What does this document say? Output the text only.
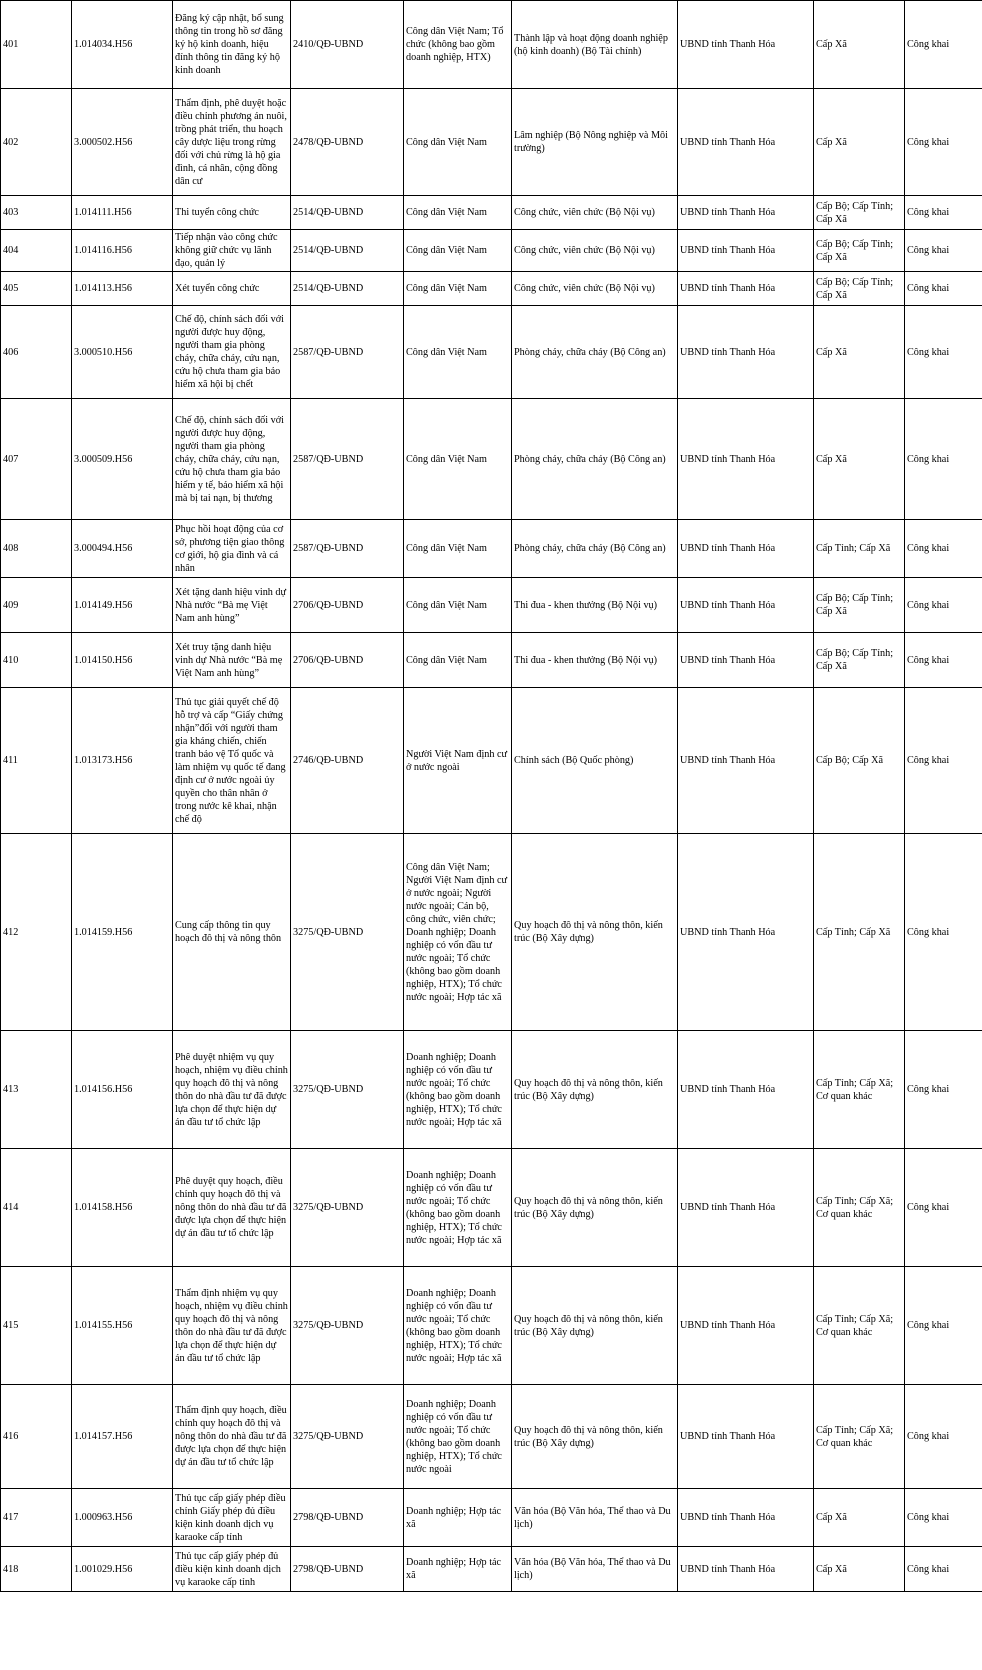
401	1.014034.H56	Đăng ký cập nhật, bổ sung thông tin trong hồ sơ đăng ký hộ kinh doanh, hiệu đính thông tin đăng ký hộ kinh doanh	2410/QĐ-UBND	Công dân Việt Nam; Tổ chức (không bao gồm doanh nghiệp, HTX)	Thành lập và hoạt động doanh nghiệp (hộ kinh doanh) (Bộ Tài chính)	UBND tỉnh Thanh Hóa	Cấp Xã	Công khai
402	3.000502.H56	Thẩm định, phê duyệt hoặc điều chỉnh phương án nuôi, trồng phát triển, thu hoạch cây dược liệu trong rừng đối với chủ rừng là hộ gia đình, cá nhân, cộng đồng dân cư	2478/QĐ-UBND	Công dân Việt Nam	Lâm nghiệp (Bộ Nông nghiệp và Môi trường)	UBND tỉnh Thanh Hóa	Cấp Xã	Công khai
403	1.014111.H56	Thi tuyển công chức	2514/QĐ-UBND	Công dân Việt Nam	Công chức, viên chức (Bộ Nội vụ)	UBND tỉnh Thanh Hóa	Cấp Bộ; Cấp Tỉnh; Cấp Xã	Công khai
404	1.014116.H56	Tiếp nhận vào công chức không giữ chức vụ lãnh đạo, quản lý	2514/QĐ-UBND	Công dân Việt Nam	Công chức, viên chức (Bộ Nội vụ)	UBND tỉnh Thanh Hóa	Cấp Bộ; Cấp Tỉnh; Cấp Xã	Công khai
405	1.014113.H56	Xét tuyển công chức	2514/QĐ-UBND	Công dân Việt Nam	Công chức, viên chức (Bộ Nội vụ)	UBND tỉnh Thanh Hóa	Cấp Bộ; Cấp Tỉnh; Cấp Xã	Công khai
406	3.000510.H56	Chế độ, chính sách đối với người được huy động, người tham gia phòng cháy, chữa cháy, cứu nạn, cứu hộ chưa tham gia bảo hiểm xã hội bị chết	2587/QĐ-UBND	Công dân Việt Nam	Phòng cháy, chữa cháy (Bộ Công an)	UBND tỉnh Thanh Hóa	Cấp Xã	Công khai
407	3.000509.H56	Chế độ, chính sách đối với người được huy động, người tham gia phòng cháy, chữa cháy, cứu nạn, cứu hộ chưa tham gia bảo hiểm y tế, bảo hiểm xã hội mà bị tai nạn, bị thương	2587/QĐ-UBND	Công dân Việt Nam	Phòng cháy, chữa cháy (Bộ Công an)	UBND tỉnh Thanh Hóa	Cấp Xã	Công khai
408	3.000494.H56	Phục hồi hoạt động của cơ sở, phương tiện giao thông cơ giới, hộ gia đình và cá nhân	2587/QĐ-UBND	Công dân Việt Nam	Phòng cháy, chữa cháy (Bộ Công an)	UBND tỉnh Thanh Hóa	Cấp Tỉnh; Cấp Xã	Công khai
409	1.014149.H56	Xét tặng danh hiệu vinh dự Nhà nước “Bà mẹ Việt Nam anh hùng”	2706/QĐ-UBND	Công dân Việt Nam	Thi đua - khen thưởng (Bộ Nội vụ)	UBND tỉnh Thanh Hóa	Cấp Bộ; Cấp Tỉnh; Cấp Xã	Công khai
410	1.014150.H56	Xét truy tặng danh hiệu vinh dự Nhà nước “Bà mẹ Việt Nam anh hùng”	2706/QĐ-UBND	Công dân Việt Nam	Thi đua - khen thưởng (Bộ Nội vụ)	UBND tỉnh Thanh Hóa	Cấp Bộ; Cấp Tỉnh; Cấp Xã	Công khai
411	1.013173.H56	Thủ tục giải quyết chế độ hỗ trợ và cấp “Giấy chứng nhận”đối với người tham gia kháng chiến, chiến tranh bảo vệ Tổ quốc và làm nhiệm vụ quốc tế đang định cư ở nước ngoài ủy quyền cho thân nhân ở trong nước kê khai, nhận chế độ	2746/QĐ-UBND	Người Việt Nam định cư ở nước ngoài	Chính sách (Bộ Quốc phòng)	UBND tỉnh Thanh Hóa	Cấp Bộ; Cấp Xã	Công khai
412	1.014159.H56	Cung cấp thông tin quy hoạch đô thị và nông thôn	3275/QĐ-UBND	Công dân Việt Nam; Người Việt Nam định cư ở nước ngoài; Người nước ngoài; Cán bộ, công chức, viên chức; Doanh nghiệp; Doanh nghiệp có vốn đầu tư nước ngoài; Tổ chức (không bao gồm doanh nghiệp, HTX); Tổ chức nước ngoài; Hợp tác xã	Quy hoạch đô thị và nông thôn, kiến trúc (Bộ Xây dựng)	UBND tỉnh Thanh Hóa	Cấp Tỉnh; Cấp Xã	Công khai
413	1.014156.H56	Phê duyệt nhiệm vụ quy hoạch, nhiệm vụ điều chỉnh quy hoạch đô thị và nông thôn do nhà đầu tư đã được lựa chọn để thực hiện dự án đầu tư tổ chức lập	3275/QĐ-UBND	Doanh nghiệp; Doanh nghiệp có vốn đầu tư nước ngoài; Tổ chức (không bao gồm doanh nghiệp, HTX); Tổ chức nước ngoài; Hợp tác xã	Quy hoạch đô thị và nông thôn, kiến trúc (Bộ Xây dựng)	UBND tỉnh Thanh Hóa	Cấp Tỉnh; Cấp Xã; Cơ quan khác	Công khai
414	1.014158.H56	Phê duyệt quy hoạch, điều chỉnh quy hoạch đô thị và nông thôn do nhà đầu tư đã được lựa chọn để thực hiện dự án đầu tư tổ chức lập	3275/QĐ-UBND	Doanh nghiệp; Doanh nghiệp có vốn đầu tư nước ngoài; Tổ chức (không bao gồm doanh nghiệp, HTX); Tổ chức nước ngoài; Hợp tác xã	Quy hoạch đô thị và nông thôn, kiến trúc (Bộ Xây dựng)	UBND tỉnh Thanh Hóa	Cấp Tỉnh; Cấp Xã; Cơ quan khác	Công khai
415	1.014155.H56	Thẩm định nhiệm vụ quy hoạch, nhiệm vụ điều chỉnh quy hoạch đô thị và nông thôn do nhà đầu tư đã được lựa chọn để thực hiện dự án đầu tư tổ chức lập	3275/QĐ-UBND	Doanh nghiệp; Doanh nghiệp có vốn đầu tư nước ngoài; Tổ chức (không bao gồm doanh nghiệp, HTX); Tổ chức nước ngoài; Hợp tác xã	Quy hoạch đô thị và nông thôn, kiến trúc (Bộ Xây dựng)	UBND tỉnh Thanh Hóa	Cấp Tỉnh; Cấp Xã; Cơ quan khác	Công khai
416	1.014157.H56	Thẩm định quy hoạch, điều chỉnh quy hoạch đô thị và nông thôn do nhà đầu tư đã được lựa chọn để thực hiện dự án đầu tư tổ chức lập	3275/QĐ-UBND	Doanh nghiệp; Doanh nghiệp có vốn đầu tư nước ngoài; Tổ chức (không bao gồm doanh nghiệp, HTX); Tổ chức nước ngoài	Quy hoạch đô thị và nông thôn, kiến trúc (Bộ Xây dựng)	UBND tỉnh Thanh Hóa	Cấp Tỉnh; Cấp Xã; Cơ quan khác	Công khai
417	1.000963.H56	Thủ tục cấp giấy phép điều chỉnh Giấy phép đủ điều kiện kinh doanh dịch vụ karaoke cấp tỉnh	2798/QĐ-UBND	Doanh nghiệp; Hợp tác xã	Văn hóa (Bộ Văn hóa, Thể thao và Du lịch)	UBND tỉnh Thanh Hóa	Cấp Xã	Công khai
418	1.001029.H56	Thủ tục cấp giấy phép đủ điều kiện kinh doanh dịch vụ karaoke cấp tỉnh	2798/QĐ-UBND	Doanh nghiệp; Hợp tác xã	Văn hóa (Bộ Văn hóa, Thể thao và Du lịch)	UBND tỉnh Thanh Hóa	Cấp Xã	Công khai
